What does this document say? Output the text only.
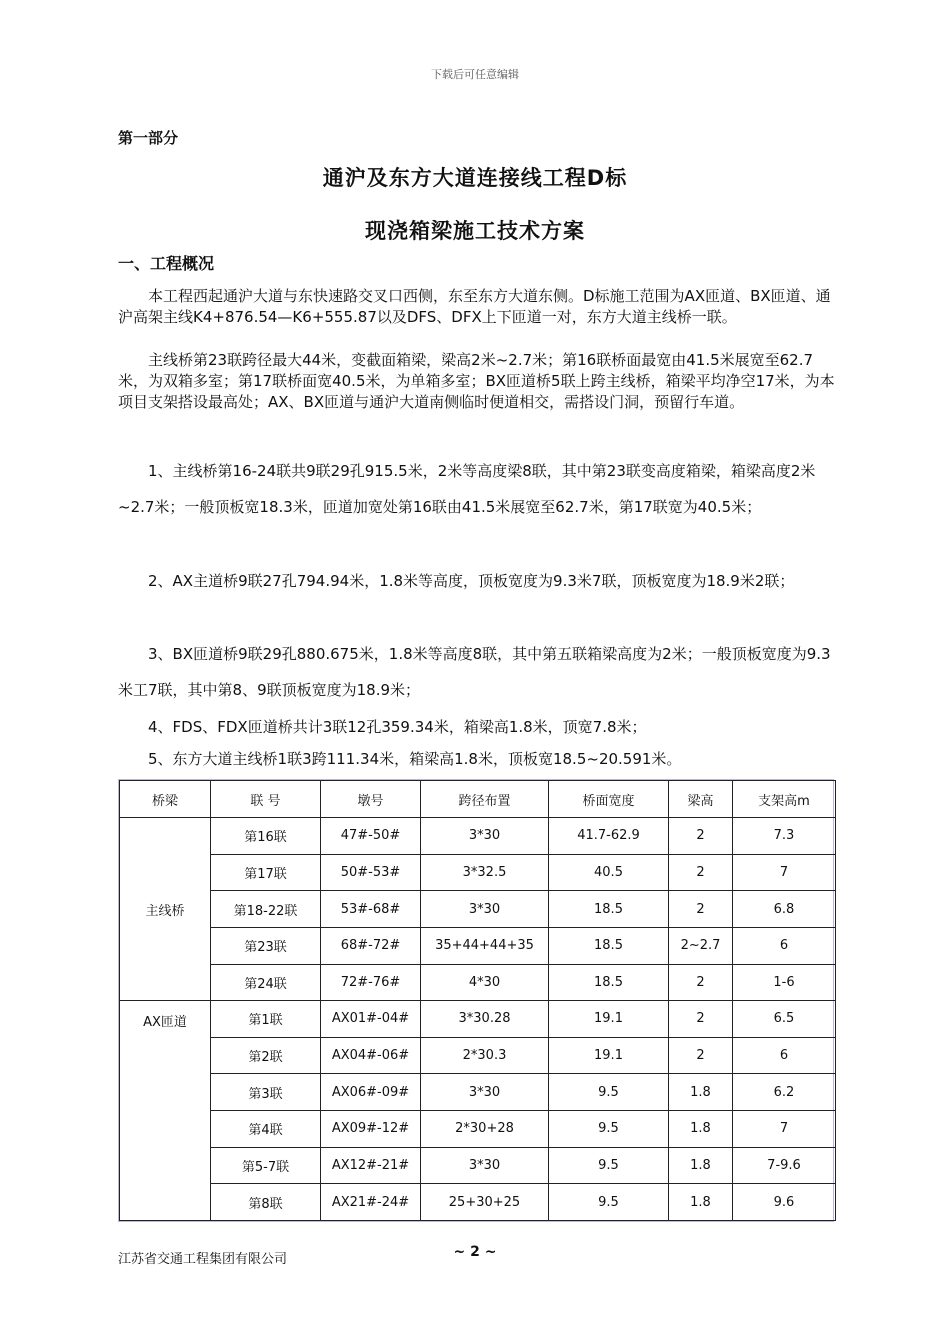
下载后可任意编辑
第一部分
通沪及东方大道连接线工程D标
现浇箱梁施工技术方案
一、工程概况
本工程西起通沪大道与东快速路交叉口西侧，东至东方大道东侧。D标施工范围为AX匝道、BX匝道、通沪高架主线K4+876.54—K6+555.87以及DFS、DFX上下匝道一对，东方大道主线桥一联。
主线桥第23联跨径最大44米，变截面箱梁，梁高2米~2.7米；第16联桥面最宽由41.5米展宽至62.7米，为双箱多室；第17联桥面宽40.5米，为单箱多室；BX匝道桥5联上跨主线桥，箱梁平均净空17米，为本项目支架搭设最高处；AX、BX匝道与通沪大道南侧临时便道相交，需搭设门洞，预留行车道。
1、主线桥第16-24联共9联29孔915.5米，2米等高度梁8联，其中第23联变高度箱梁，箱梁高度2米~2.7米；一般顶板宽18.3米，匝道加宽处第16联由41.5米展宽至62.7米，第17联宽为40.5米；
2、AX主道桥9联27孔794.94米，1.8米等高度，顶板宽度为9.3米7联，顶板宽度为18.9米2联；
3、BX匝道桥9联29孔880.675米，1.8米等高度8联，其中第五联箱梁高度为2米；一般顶板宽度为9.3米工7联，其中第8、9联顶板宽度为18.9米；
4、FDS、FDX匝道桥共计3联12孔359.34米，箱梁高1.8米，顶宽7.8米；
5、东方大道主线桥1联3跨111.34米，箱梁高1.8米，顶板宽18.5~20.591米。
桥梁	联 号	墩号	跨径布置	桥面宽度	梁高	支架高m
主线桥	第16联	47#-50#	3*30	41.7-62.9	2	7.3
	第17联	50#-53#	3*32.5	40.5	2	7
	第18-22联	53#-68#	3*30	18.5	2	6.8
	第23联	68#-72#	35+44+44+35	18.5	2~2.7	6
	第24联	72#-76#	4*30	18.5	2	1-6
AX匝道	第1联	AX01#-04#	3*30.28	19.1	2	6.5
	第2联	AX04#-06#	2*30.3	19.1	2	6
	第3联	AX06#-09#	3*30	9.5	1.8	6.2
	第4联	AX09#-12#	2*30+28	9.5	1.8	7
	第5-7联	AX12#-21#	3*30	9.5	1.8	7-9.6
	第8联	AX21#-24#	25+30+25	9.5	1.8	9.6
江苏省交通工程集团有限公司	~ 2 ~
